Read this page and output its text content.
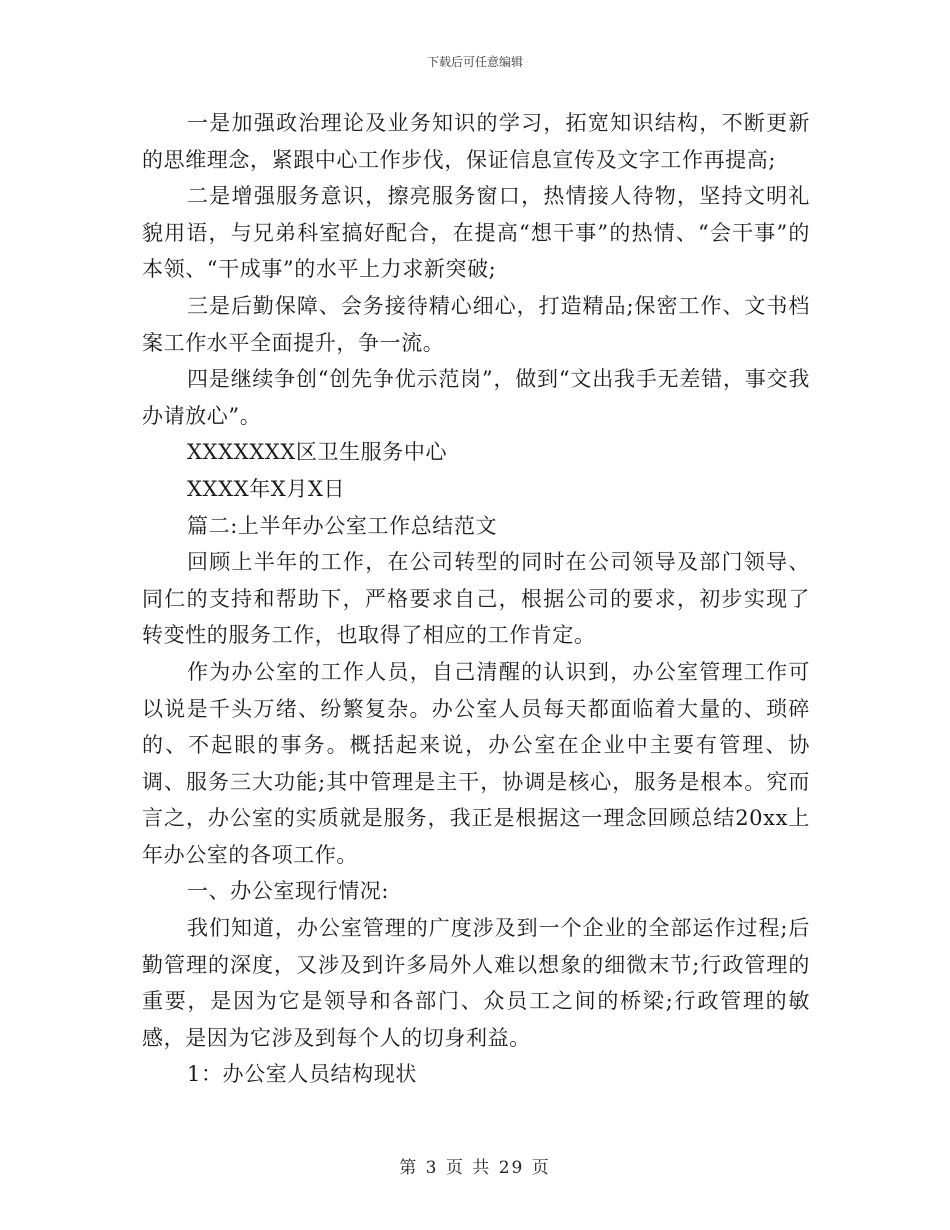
下载后可任意编辑

一是加强政治理论及业务知识的学习，拓宽知识结构，不断更新的思维理念，紧跟中心工作步伐，保证信息宣传及文字工作再提高;

二是增强服务意识，擦亮服务窗口，热情接人待物，坚持文明礼貌用语，与兄弟科室搞好配合，在提高“想干事”的热情、“会干事”的本领、“干成事”的水平上力求新突破;

三是后勤保障、会务接待精心细心，打造精品;保密工作、文书档案工作水平全面提升，争一流。

四是继续争创“创先争优示范岗”，做到“文出我手无差错，事交我办请放心”。

XXXXXXX区卫生服务中心

XXXX年X月X日

篇二:上半年办公室工作总结范文

回顾上半年的工作，在公司转型的同时在公司领导及部门领导、同仁的支持和帮助下，严格要求自己，根据公司的要求，初步实现了转变性的服务工作，也取得了相应的工作肯定。

作为办公室的工作人员，自己清醒的认识到，办公室管理工作可以说是千头万绪、纷繁复杂。办公室人员每天都面临着大量的、琐碎的、不起眼的事务。概括起来说，办公室在企业中主要有管理、协调、服务三大功能;其中管理是主干，协调是核心，服务是根本。究而言之，办公室的实质就是服务，我正是根据这一理念回顾总结20xx上年办公室的各项工作。

一、办公室现行情况:

我们知道，办公室管理的广度涉及到一个企业的全部运作过程;后勤管理的深度，又涉及到许多局外人难以想象的细微末节;行政管理的重要，是因为它是领导和各部门、众员工之间的桥梁;行政管理的敏感，是因为它涉及到每个人的切身利益。

1：办公室人员结构现状

第 3 页 共 29 页
